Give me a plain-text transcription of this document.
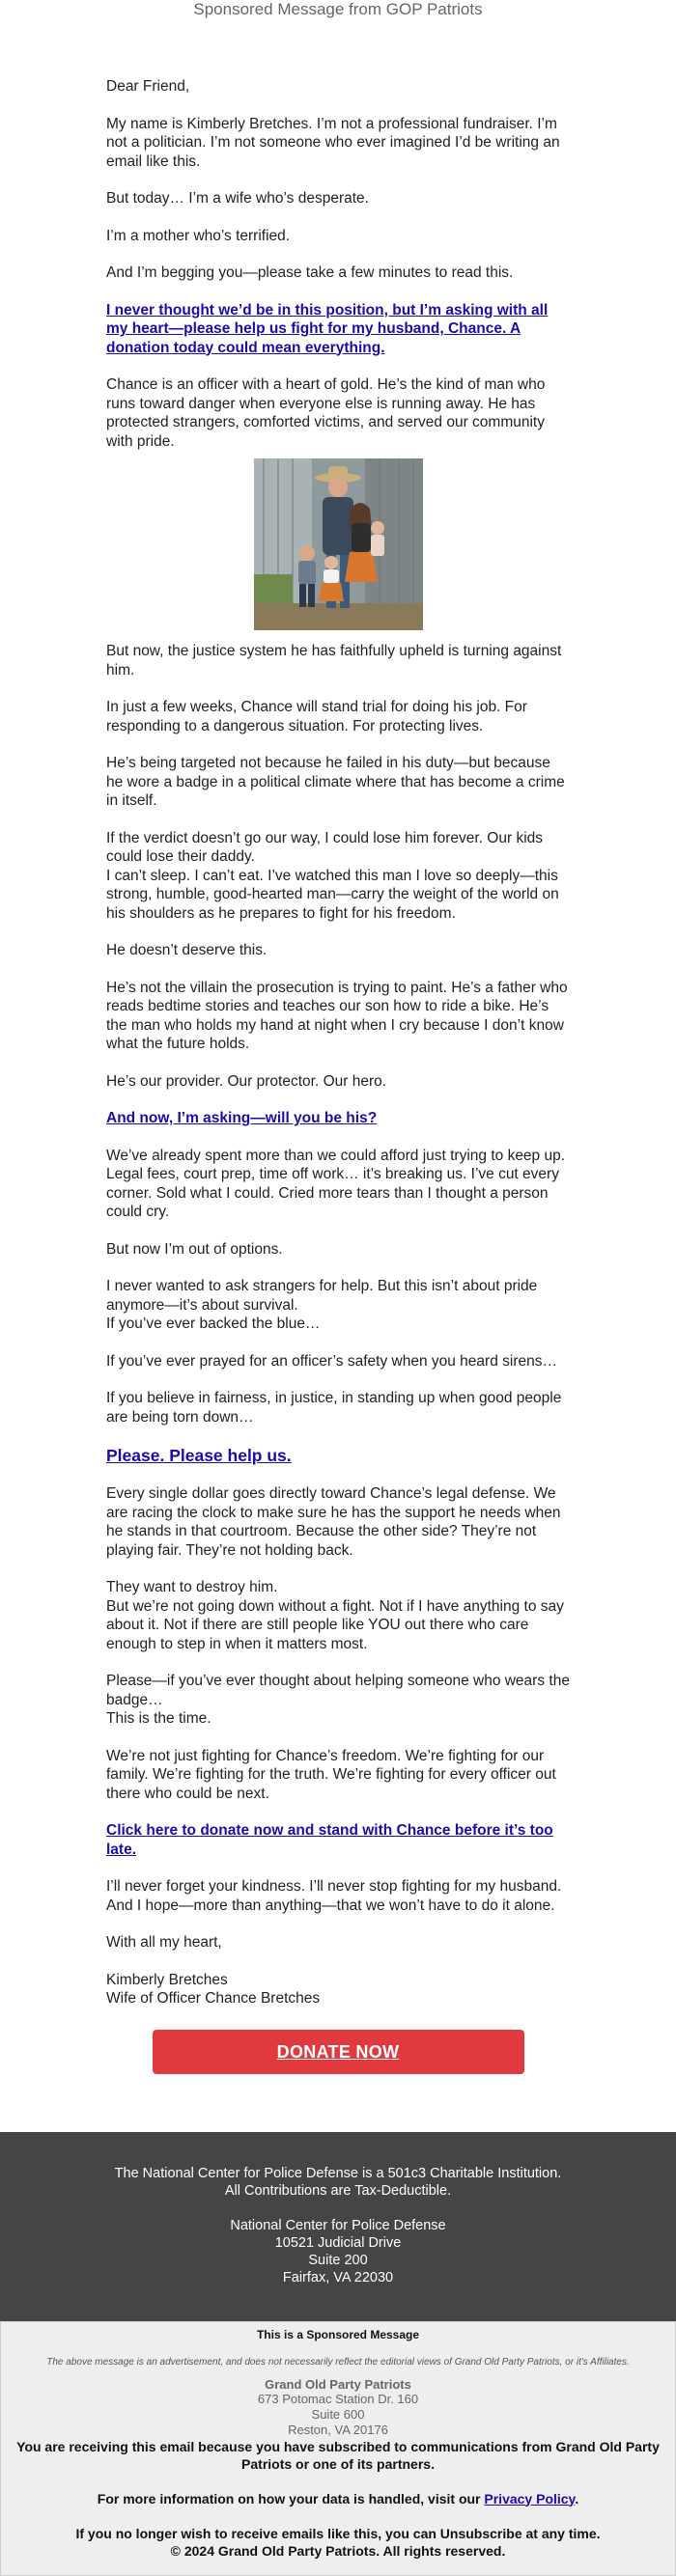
Sponsored Message from GOP Patriots

Dear Friend,

My name is Kimberly Bretches. I’m not a professional fundraiser. I’m not a politician. I’m not someone who ever imagined I’d be writing an email like this.

But today… I’m a wife who’s desperate.

I’m a mother who’s terrified.

And I’m begging you—please take a few minutes to read this.

I never thought we’d be in this position, but I’m asking with all my heart—please help us fight for my husband, Chance. A donation today could mean everything.

Chance is an officer with a heart of gold. He’s the kind of man who runs toward danger when everyone else is running away. He has protected strangers, comforted victims, and served our community with pride.

But now, the justice system he has faithfully upheld is turning against him.

In just a few weeks, Chance will stand trial for doing his job. For responding to a dangerous situation. For protecting lives.

He’s being targeted not because he failed in his duty—but because he wore a badge in a political climate where that has become a crime in itself.

If the verdict doesn’t go our way, I could lose him forever. Our kids could lose their daddy.
I can’t sleep. I can’t eat. I’ve watched this man I love so deeply—this strong, humble, good-hearted man—carry the weight of the world on his shoulders as he prepares to fight for his freedom.

He doesn’t deserve this.

He’s not the villain the prosecution is trying to paint. He’s a father who reads bedtime stories and teaches our son how to ride a bike. He’s the man who holds my hand at night when I cry because I don’t know what the future holds.

He’s our provider. Our protector. Our hero.

And now, I’m asking—will you be his?

We’ve already spent more than we could afford just trying to keep up. Legal fees, court prep, time off work… it’s breaking us. I’ve cut every corner. Sold what I could. Cried more tears than I thought a person could cry.

But now I’m out of options.

I never wanted to ask strangers for help. But this isn’t about pride anymore—it’s about survival.
If you’ve ever backed the blue…

If you’ve ever prayed for an officer’s safety when you heard sirens…

If you believe in fairness, in justice, in standing up when good people are being torn down…

Please. Please help us.

Every single dollar goes directly toward Chance’s legal defense. We are racing the clock to make sure he has the support he needs when he stands in that courtroom. Because the other side? They’re not playing fair. They’re not holding back.

They want to destroy him.
But we’re not going down without a fight. Not if I have anything to say about it. Not if there are still people like YOU out there who care enough to step in when it matters most.

Please—if you’ve ever thought about helping someone who wears the badge…
This is the time.

We’re not just fighting for Chance’s freedom. We’re fighting for our family. We’re fighting for the truth. We’re fighting for every officer out there who could be next.

Click here to donate now and stand with Chance before it’s too late.

I’ll never forget your kindness. I’ll never stop fighting for my husband. And I hope—more than anything—that we won’t have to do it alone.

With all my heart,

Kimberly Bretches

Wife of Officer Chance Bretches

DONATE NOW
The National Center for Police Defense is a 501c3 Charitable Institution. All Contributions are Tax-Deductible.
National Center for Police Defense
10521 Judicial Drive
Suite 200
Fairfax, VA 22030
This is a Sponsored Message
The above message is an advertisement, and does not necessarily reflect the editorial views of Grand Old Party Patriots, or it's Affiliates.
Grand Old Party Patriots
673 Potomac Station Dr. 160
Suite 600
Reston, VA 20176
You are receiving this email because you have subscribed to communications from Grand Old Party Patriots or one of its partners.
For more information on how your data is handled, visit our Privacy Policy.
If you no longer wish to receive emails like this, you can Unsubscribe at any time.
© 2024 Grand Old Party Patriots. All rights reserved.
